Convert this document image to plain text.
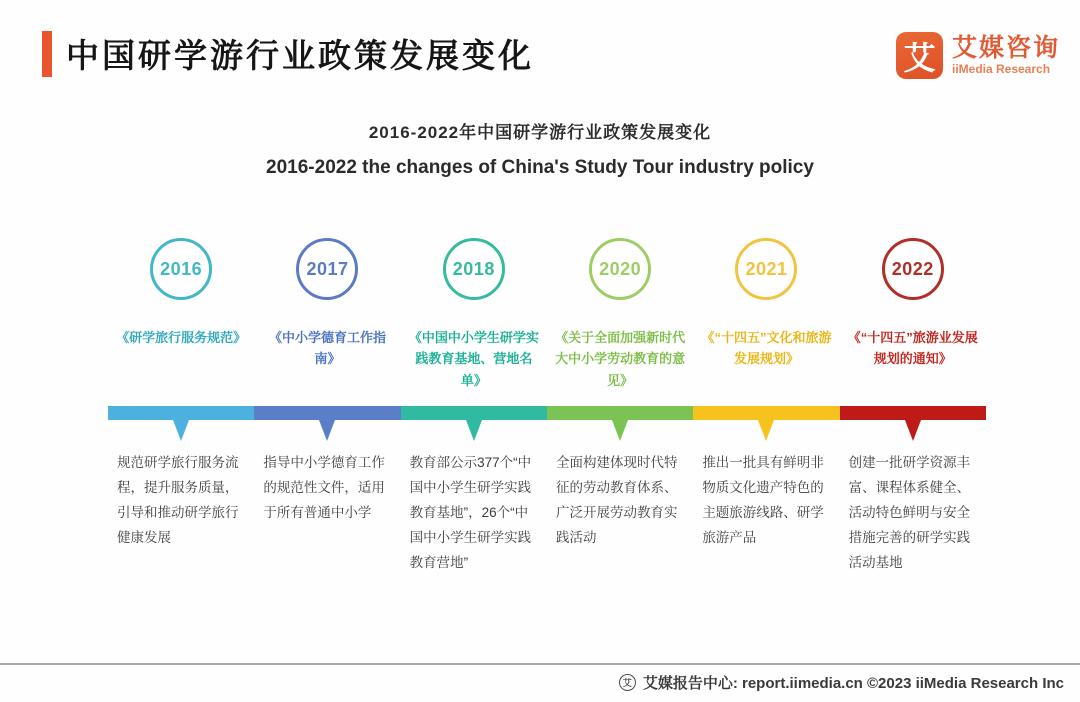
中国研学游行业政策发展变化	艾 艾媒咨询
iiMedia Research
2016-2022年中国研学游行业政策发展变化
2016-2022 the changes of China's Study Tour industry policy
2016
《研学旅行服务规范》
规范研学旅行服务流程，提升服务质量，引导和推动研学旅行健康发展
2017
《中小学德育工作指南》
指导中小学德育工作的规范性文件，适用于所有普通中小学
2018
《中国中小学生研学实践教育基地、营地名单》
教育部公示377个“中国中小学生研学实践教育基地”，26个“中国中小学生研学实践教育营地”
2020
《关于全面加强新时代大中小学劳动教育的意见》
全面构建体现时代特征的劳动教育体系、广泛开展劳动教育实践活动
2021
《“十四五”文化和旅游发展规划》
推出一批具有鲜明非物质文化遗产特色的主题旅游线路、研学旅游产品
2022
《“十四五”旅游业发展规划的通知》
创建一批研学资源丰富、课程体系健全、活动特色鲜明与安全措施完善的研学实践活动基地
艾 艾媒报告中心: report.iimedia.cn ©2023 iiMedia Research Inc
